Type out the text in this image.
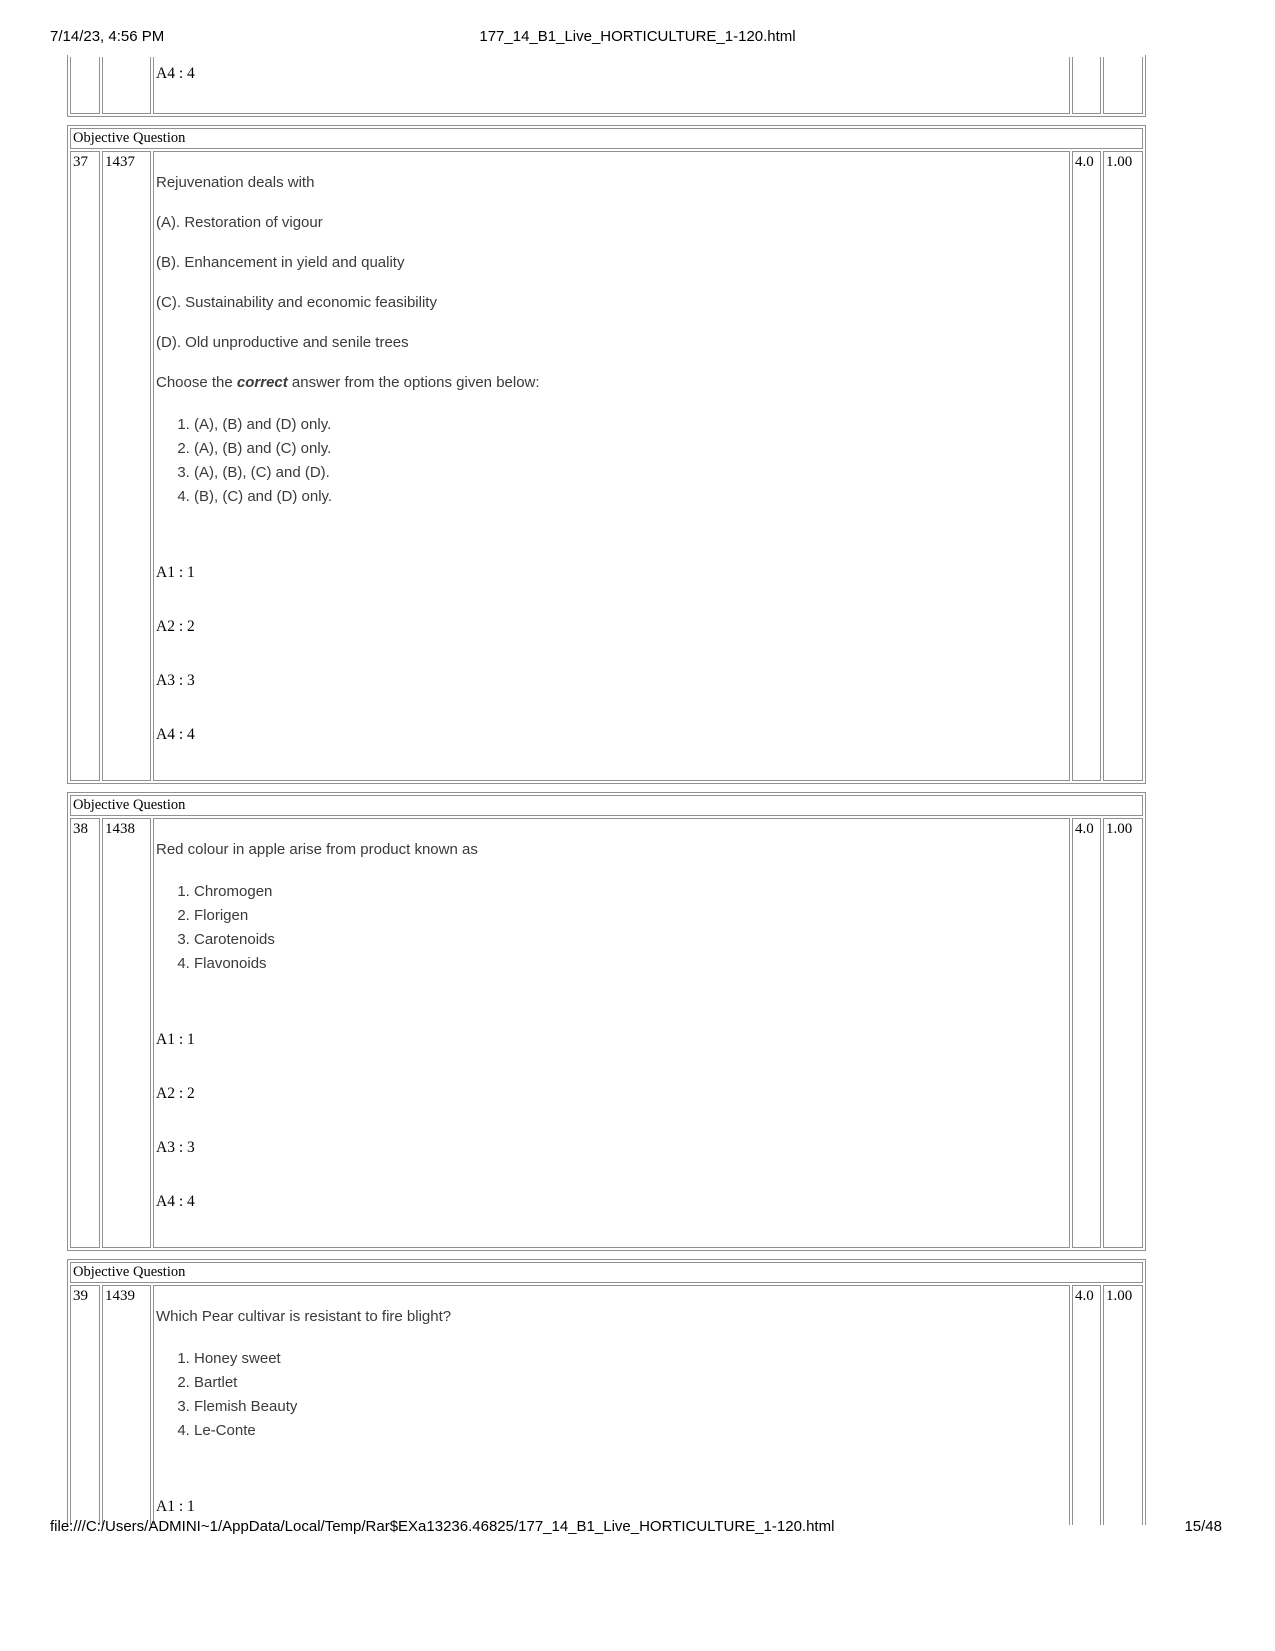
7/14/23, 4:56 PM	177_14_B1_Live_HORTICULTURE_1-120.html

A4 : 4

Objective Question
37	1437	

Rejuvenation deals with

(A). Restoration of vigour

(B). Enhancement in yield and quality

(C). Sustainability and economic feasibility

(D). Old unproductive and senile trees

Choose the correct answer from the options given below:

1. (A), (B) and (D) only.
2. (A), (B) and (C) only.
3. (A), (B), (C) and (D).
4. (B), (C) and (D) only.
A1 : 1
A2 : 2
A3 : 3
A4 : 4
	4.0	1.00
Objective Question
38	1438	

Red colour in apple arise from product known as

1. Chromogen
2. Florigen
3. Carotenoids
4. Flavonoids
A1 : 1
A2 : 2
A3 : 3
A4 : 4
	4.0	1.00
Objective Question
39	1439	

Which Pear cultivar is resistant to fire blight?

1. Honey sweet
2. Bartlet
3. Flemish Beauty
4. Le-Conte
A1 : 1
	4.0	1.00
file:///C:/Users/ADMINI~1/AppData/Local/Temp/Rar$EXa13236.46825/177_14_B1_Live_HORTICULTURE_1-120.html	15/48
